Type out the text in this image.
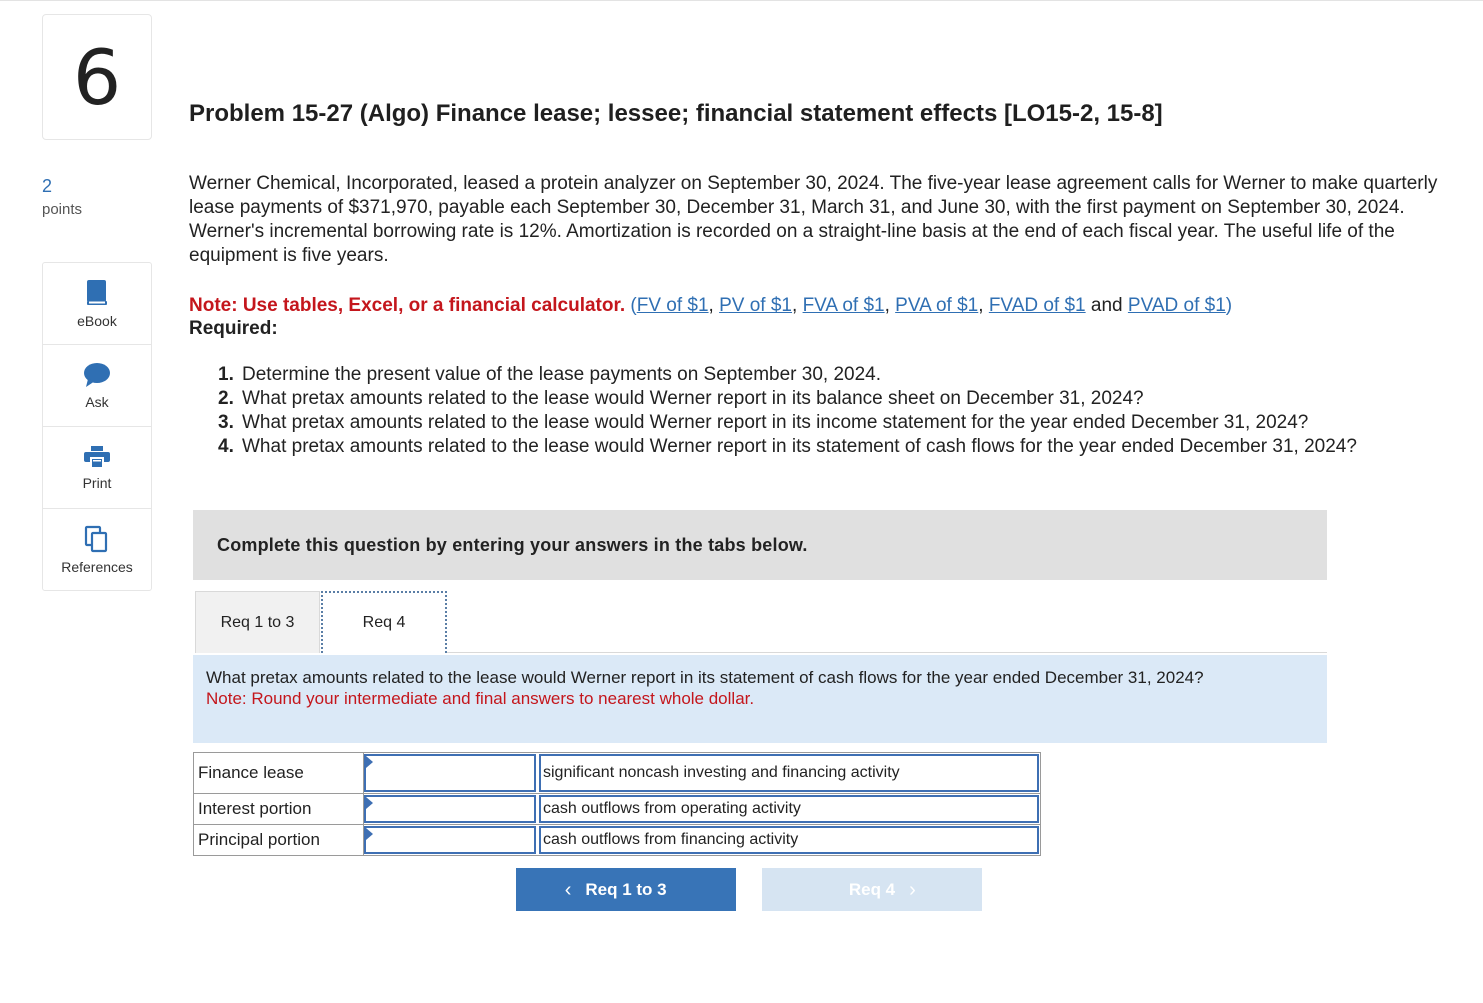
6
2
points
eBook
Ask
Print
References
Problem 15-27 (Algo) Finance lease; lessee; financial statement effects [LO15-2, 15-8]
Werner Chemical, Incorporated, leased a protein analyzer on September 30, 2024. The five-year lease agreement calls for Werner to make quarterly lease payments of $371,970, payable each September 30, December 31, March 31, and June 30, with the first payment on September 30, 2024. Werner's incremental borrowing rate is 12%. Amortization is recorded on a straight-line basis at the end of each fiscal year. The useful life of the equipment is five years.
Note: Use tables, Excel, or a financial calculator. (FV of $1, PV of $1, FVA of $1, PVA of $1, FVAD of $1 and PVAD of $1)
Required:
1. Determine the present value of the lease payments on September 30, 2024.
2. What pretax amounts related to the lease would Werner report in its balance sheet on December 31, 2024?
3. What pretax amounts related to the lease would Werner report in its income statement for the year ended December 31, 2024?
4. What pretax amounts related to the lease would Werner report in its statement of cash flows for the year ended December 31, 2024?
Complete this question by entering your answers in the tabs below.
Req 1 to 3	Req 4
What pretax amounts related to the lease would Werner report in its statement of cash flows for the year ended December 31, 2024?
Note: Round your intermediate and final answers to nearest whole dollar.
Finance lease	significant noncash investing and financing activity
Interest portion	cash outflows from operating activity
Principal portion	cash outflows from financing activity
‹ Req 1 to 3	Req 4 ›
